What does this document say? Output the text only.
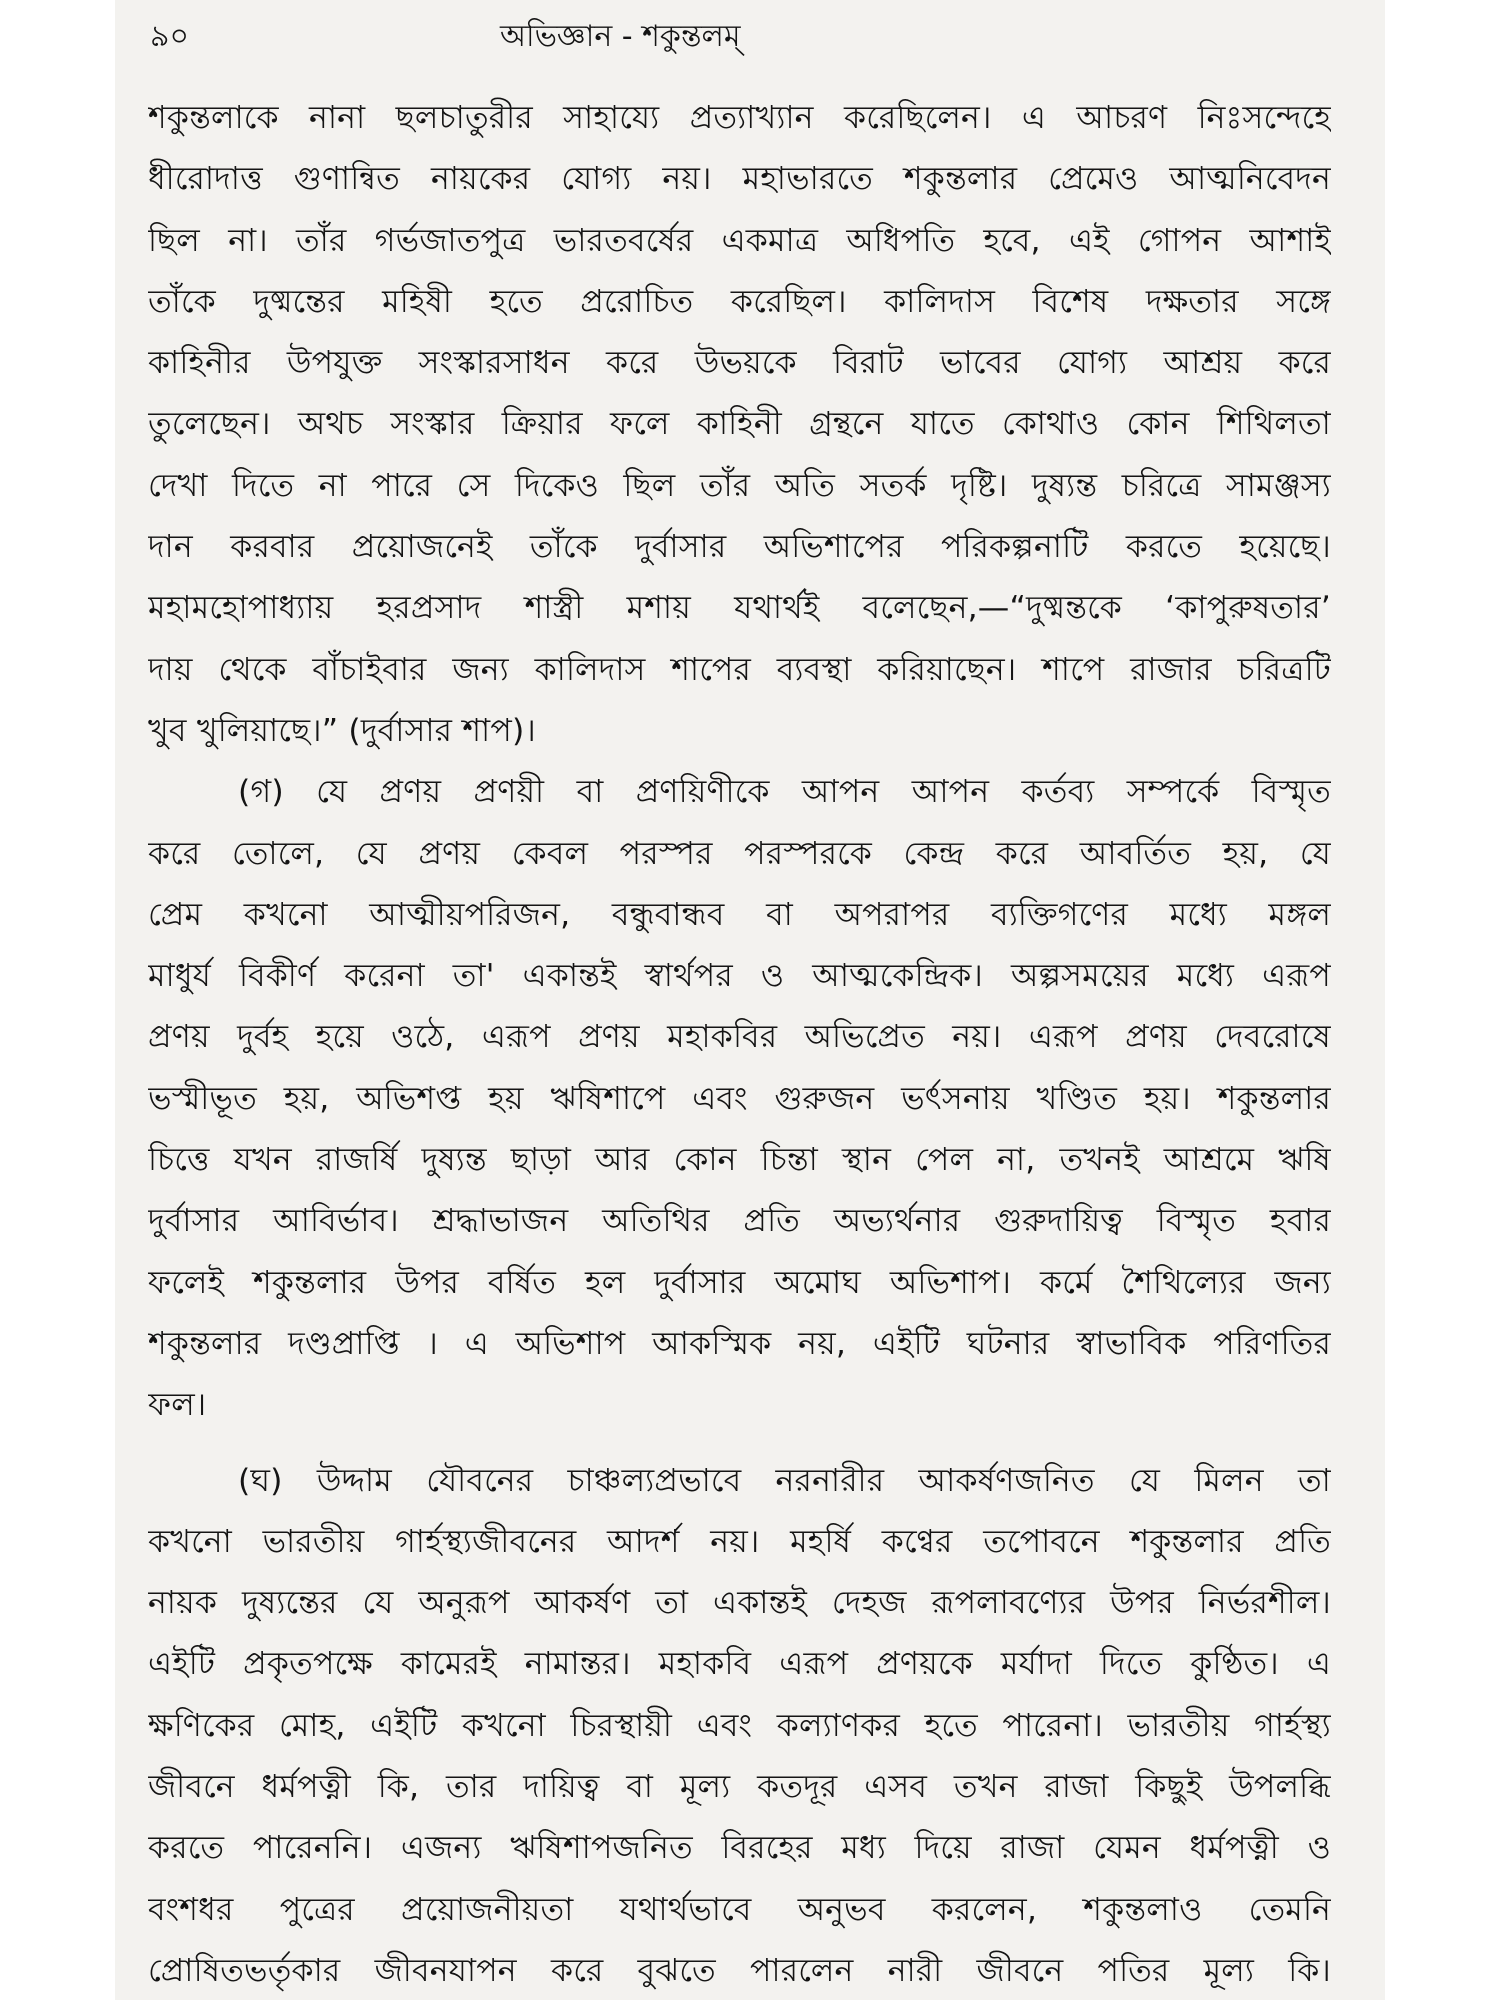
৯০	অভিজ্ঞান - শকুন্তলম্
শকুন্তলাকে নানা ছলচাতুরীর সাহায্যে প্রত্যাখ্যান করেছিলেন। এ আচরণ নিঃসন্দেহে
ধীরোদাত্ত গুণান্বিত নায়কের যোগ্য নয়। মহাভারতে শকুন্তলার প্রেমেও আত্মনিবেদন
ছিল না। তাঁর গর্ভজাতপুত্র ভারতবর্ষের একমাত্র অধিপতি হবে, এই গোপন আশাই
তাঁকে দুষ্মন্তের মহিষী হতে প্ররোচিত করেছিল। কালিদাস বিশেষ দক্ষতার সঙ্গে
কাহিনীর উপযুক্ত সংস্কারসাধন করে উভয়কে বিরাট ভাবের যোগ্য আশ্রয় করে
তুলেছেন। অথচ সংস্কার ক্রিয়ার ফলে কাহিনী গ্রন্থনে যাতে কোথাও কোন শিথিলতা
দেখা দিতে না পারে সে দিকেও ছিল তাঁর অতি সতর্ক দৃষ্টি। দুষ্যন্ত চরিত্রে সামঞ্জস্য
দান করবার প্রয়োজনেই তাঁকে দুর্বাসার অভিশাপের পরিকল্পনাটি করতে হয়েছে।
মহামহোপাধ্যায় হরপ্রসাদ শাস্ত্রী মশায় যথার্থই বলেছেন,—“দুষ্মন্তকে ‘কাপুরুষতার’
দায় থেকে বাঁচাইবার জন্য কালিদাস শাপের ব্যবস্থা করিয়াছেন। শাপে রাজার চরিত্রটি
খুব খুলিয়াছে।” (দুর্বাসার শাপ)।
(গ) যে প্রণয় প্রণয়ী বা প্রণয়িণীকে আপন আপন কর্তব্য সম্পর্কে বিস্মৃত
করে তোলে, যে প্রণয় কেবল পরস্পর পরস্পরকে কেন্দ্র করে আবর্তিত হয়, যে
প্রেম কখনো আত্মীয়পরিজন, বন্ধুবান্ধব বা অপরাপর ব্যক্তিগণের মধ্যে মঙ্গল
মাধুর্য বিকীর্ণ করেনা তা' একান্তই স্বার্থপর ও আত্মকেন্দ্রিক। অল্পসময়ের মধ্যে এরূপ
প্রণয় দুর্বহ হয়ে ওঠে, এরূপ প্রণয় মহাকবির অভিপ্রেত নয়। এরূপ প্রণয় দেবরোষে
ভস্মীভূত হয়, অভিশপ্ত হয় ঋষিশাপে এবং গুরুজন ভর্ৎসনায় খণ্ডিত হয়। শকুন্তলার
চিত্তে যখন রাজর্ষি দুষ্যন্ত ছাড়া আর কোন চিন্তা স্থান পেল না, তখনই আশ্রমে ঋষি
দুর্বাসার আবির্ভাব। শ্রদ্ধাভাজন অতিথির প্রতি অভ্যর্থনার গুরুদায়িত্ব বিস্মৃত হবার
ফলেই শকুন্তলার উপর বর্ষিত হল দুর্বাসার অমোঘ অভিশাপ। কর্মে শৈথিল্যের জন্য
শকুন্তলার দণ্ডপ্রাপ্তি । এ অভিশাপ আকস্মিক নয়, এইটি ঘটনার স্বাভাবিক পরিণতির
ফল।
(ঘ) উদ্দাম যৌবনের চাঞ্চল্যপ্রভাবে নরনারীর আকর্ষণজনিত যে মিলন তা
কখনো ভারতীয় গার্হস্থ্যজীবনের আদর্শ নয়। মহর্ষি কণ্বের তপোবনে শকুন্তলার প্রতি
নায়ক দুষ্যন্তের যে অনুরূপ আকর্ষণ তা একান্তই দেহজ রূপলাবণ্যের উপর নির্ভরশীল।
এইটি প্রকৃতপক্ষে কামেরই নামান্তর। মহাকবি এরূপ প্রণয়কে মর্যাদা দিতে কুণ্ঠিত। এ
ক্ষণিকের মোহ, এইটি কখনো চিরস্থায়ী এবং কল্যাণকর হতে পারেনা। ভারতীয় গার্হস্থ্য
জীবনে ধর্মপত্নী কি, তার দায়িত্ব বা মূল্য কতদূর এসব তখন রাজা কিছুই উপলব্ধি
করতে পারেননি। এজন্য ঋষিশাপজনিত বিরহের মধ্য দিয়ে রাজা যেমন ধর্মপত্নী ও
বংশধর পুত্রের প্রয়োজনীয়তা যথার্থভাবে অনুভব করলেন, শকুন্তলাও তেমনি
প্রোষিতভর্তৃকার জীবনযাপন করে বুঝতে পারলেন নারী জীবনে পতির মূল্য কি।
